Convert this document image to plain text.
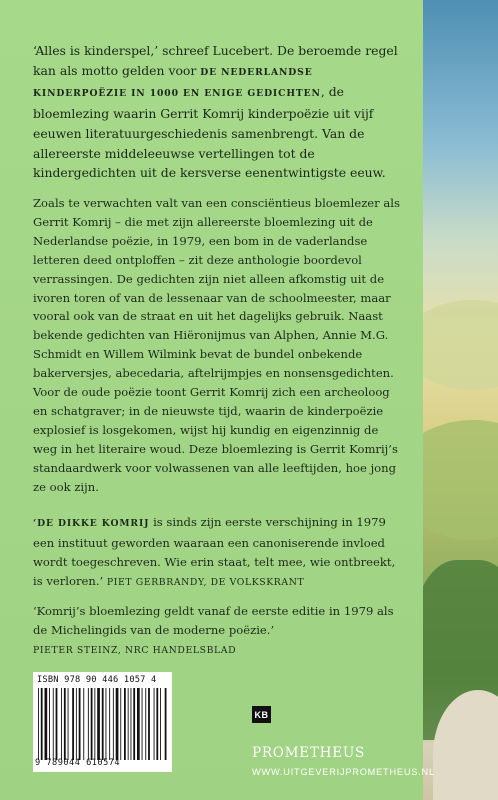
‘Alles is kinderspel,’ schreef Lucebert. De beroemde regel kan als motto gelden voor DE NEDERLANDSE KINDERPOËZIE IN 1000 EN ENIGE GEDICHTEN, de bloemlezing waarin Gerrit Komrij kinderpoëzie uit vijf eeuwen literatuurgeschiedenis samenbrengt. Van de allereerste middeleeuwse vertellingen tot de kindergedichten uit de kersverse eenentwintigste eeuw.
Zoals te verwachten valt van een consciëntieus bloemlezer als Gerrit Komrij – die met zijn allereerste bloemlezing uit de Nederlandse poëzie, in 1979, een bom in de vaderlandse letteren deed ontploffen – zit deze anthologie boordevol verrassingen. De gedichten zijn niet alleen afkomstig uit de ivoren toren of van de lessenaar van de schoolmeester, maar vooral ook van de straat en uit het dagelijks gebruik. Naast bekende gedichten van Hiëronijmus van Alphen, Annie M.G. Schmidt en Willem Wilmink bevat de bundel onbekende bakerversjes, abecedaria, aftelrijmpjes en nonsensgedichten. Voor de oude poëzie toont Gerrit Komrij zich een archeoloog en schatgraver; in de nieuwste tijd, waarin de kinderpoëzie explosief is losgekomen, wijst hij kundig en eigenzinnig de weg in het literaire woud. Deze bloemlezing is Gerrit Komrij’s standaardwerk voor volwassenen van alle leeftijden, hoe jong ze ook zijn.
‘DE DIKKE KOMRIJ is sinds zijn eerste verschijning in 1979 een instituut geworden waaraan een canoniserende invloed wordt toegeschreven. Wie erin staat, telt mee, wie ontbreekt, is verloren.’ PIET GERBRANDY, DE VOLKSKRANT
‘Komrij’s bloemlezing geldt vanaf de eerste editie in 1979 als de Michelingids van de moderne poëzie.’
PIETER STEINZ, NRC HANDELSBLAD
ISBN 978 90 446 1057 4
9 789044 610574
KB
PROMETHEUS
WWW.UITGEVERIJPROMETHEUS.NL
